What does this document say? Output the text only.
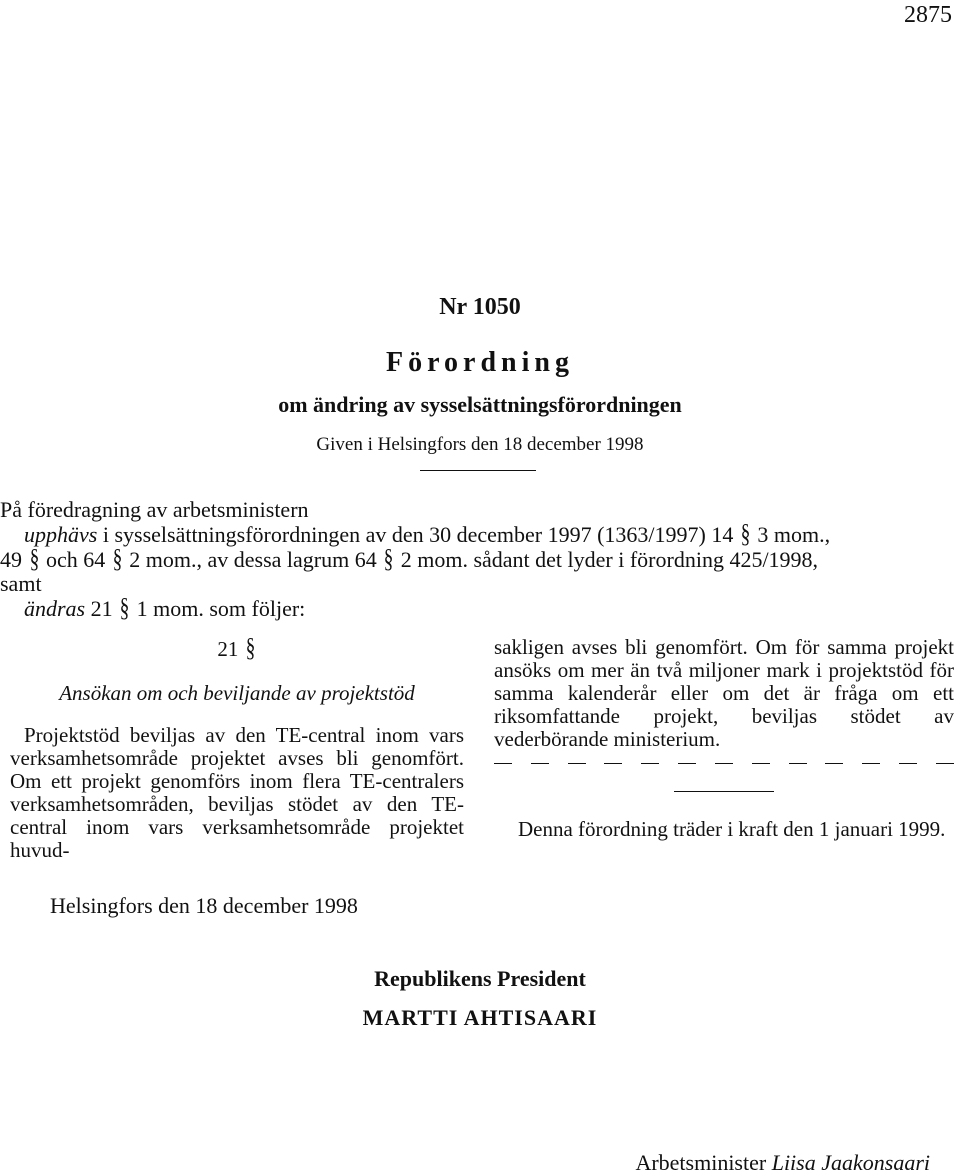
2875
Nr 1050
Förordning
om ändring av sysselsättningsförordningen
Given i Helsingfors den 18 december 1998
På föredragning av arbetsministern
upphävs i sysselsättningsförordningen av den 30 december 1997 (1363/1997) 14 § 3 mom.,
49 § och 64 § 2 mom., av dessa lagrum 64 § 2 mom. sådant det lyder i förordning 425/1998,
samt
ändras 21 § 1 mom. som följer:
21 §
Ansökan om och beviljande av projektstöd
Projektstöd beviljas av den TE-central inom vars verksamhetsområde projektet avses bli genomfört. Om ett projekt genomförs inom flera TE-centralers verksamhetsområden, beviljas stödet av den TE-central inom vars verksamhetsområde projektet huvud-
sakligen avses bli genomfört. Om för samma projekt ansöks om mer än två miljoner mark i projektstöd för samma kalenderår eller om det är fråga om ett riksomfattande projekt, beviljas stödet av vederbörande ministerium.
Denna förordning träder i kraft den 1 januari 1999.
Helsingfors den 18 december 1998
Republikens President
MARTTI AHTISAARI
Arbetsminister Liisa Jaakonsaari
